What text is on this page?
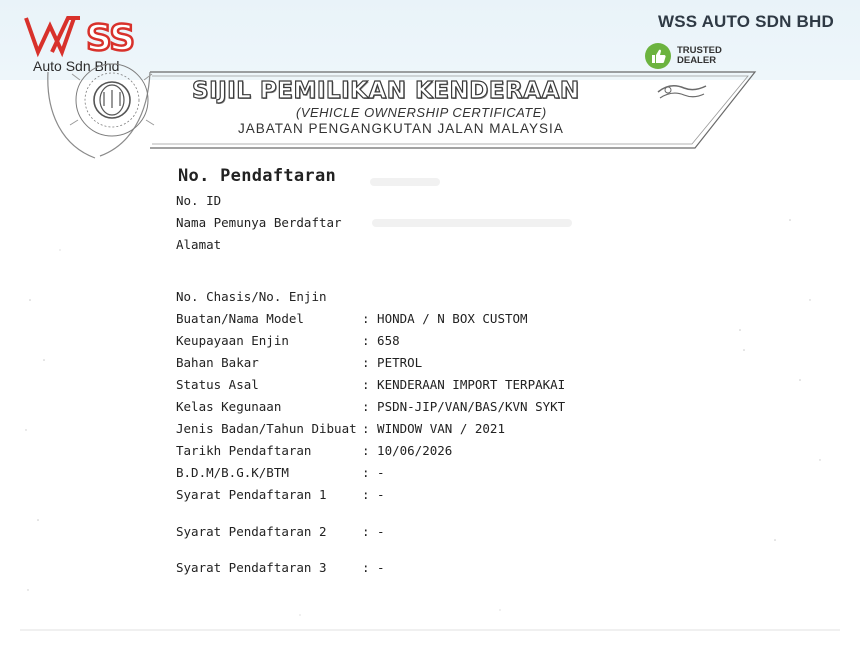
SS
Auto Sdn Bhd
WSS AUTO SDN BHD
TRUSTED
DEALER
SIJIL PEMILIKAN KENDERAAN
(VEHICLE OWNERSHIP CERTIFICATE)
JABATAN PENGANGKUTAN JALAN MALAYSIA
No. Pendaftaran
No. ID
Nama Pemunya Berdaftar
Alamat
No. Chasis/No. Enjin
Buatan/Nama Model	: HONDA / N BOX CUSTOM
Keupayaan Enjin	: 658
Bahan Bakar	: PETROL
Status Asal	: KENDERAAN IMPORT TERPAKAI
Kelas Kegunaan	: PSDN-JIP/VAN/BAS/KVN SYKT
Jenis Badan/Tahun Dibuat : WINDOW VAN / 2021
Tarikh Pendaftaran	: 10/06/2026
B.D.M/B.G.K/BTM	: -
Syarat Pendaftaran 1	: -
Syarat Pendaftaran 2	: -
Syarat Pendaftaran 3	: -
